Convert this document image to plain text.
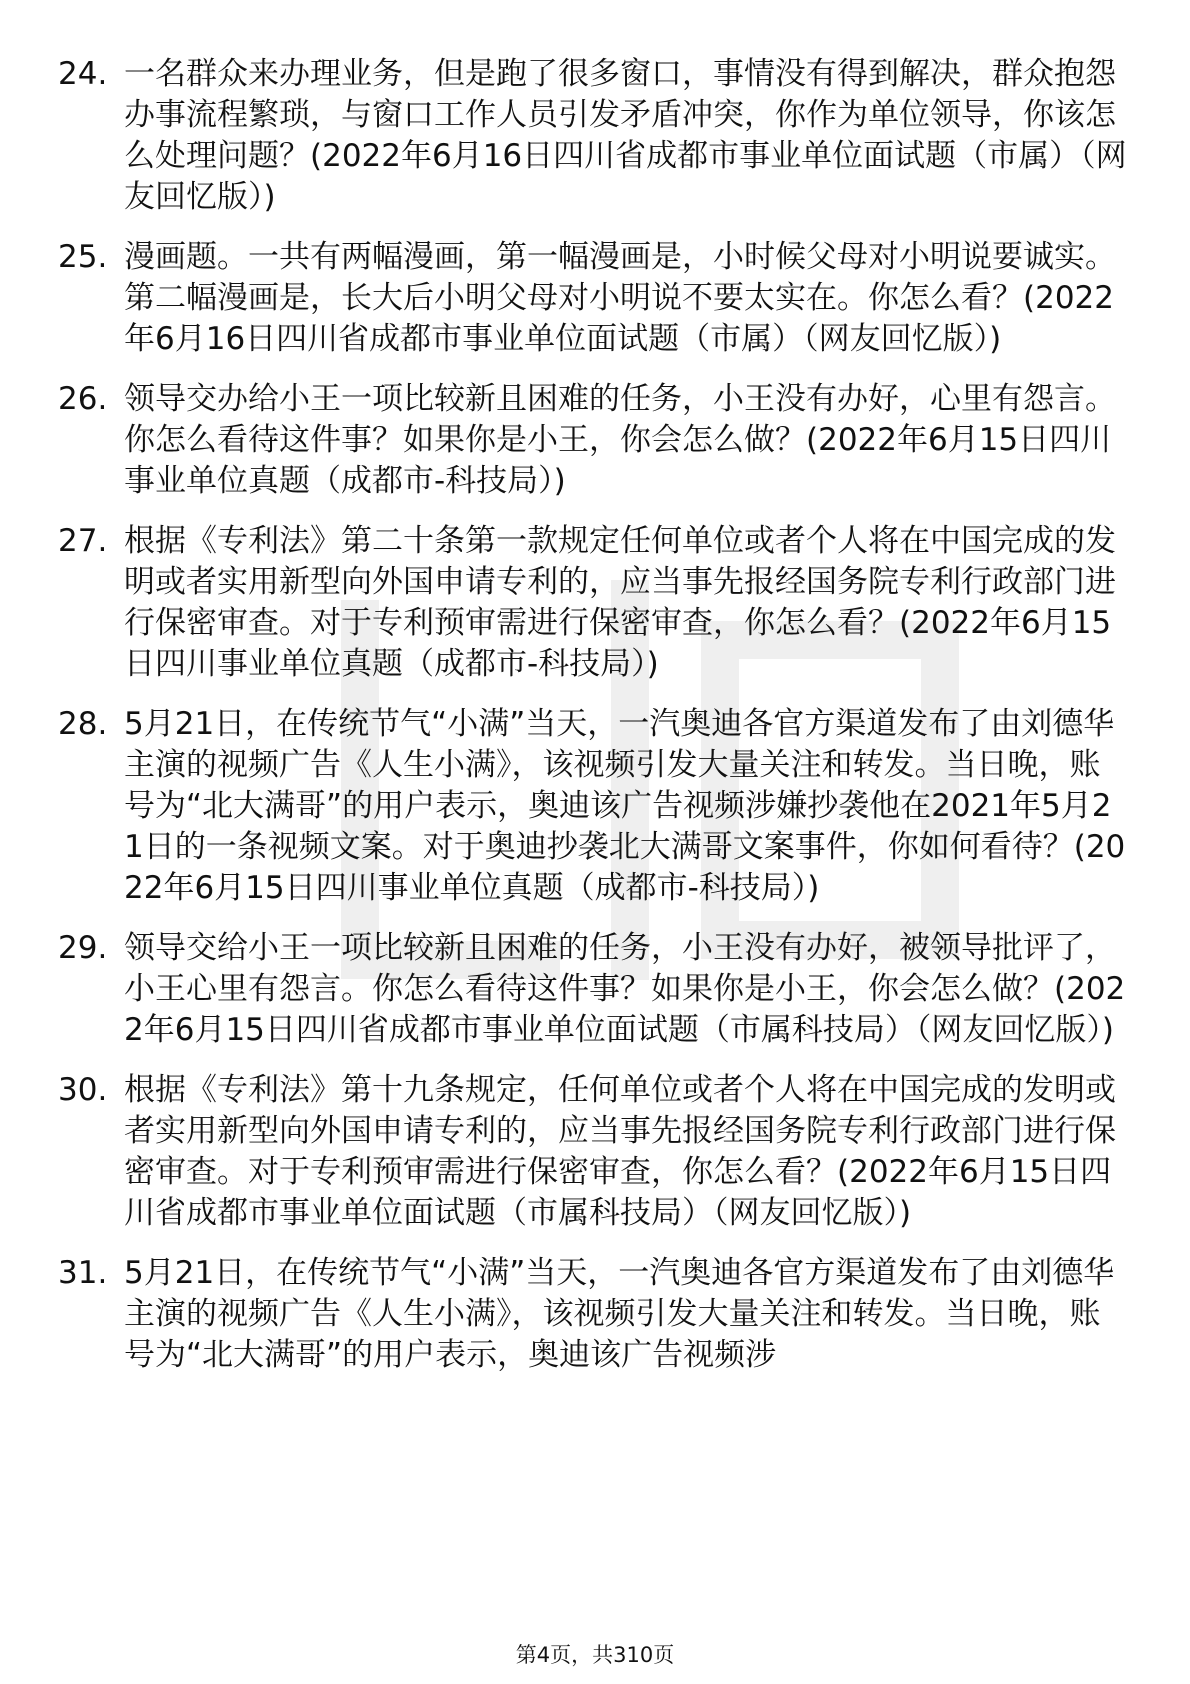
24. 一名群众来办理业务，但是跑了很多窗口，事情没有得到解决，群众抱怨办事流程繁琐，与窗口工作人员引发矛盾冲突，你作为单位领导，你该怎么处理问题？(2022年6月16日四川省成都市事业单位面试题（市属）（网友回忆版）)
25. 漫画题。一共有两幅漫画，第一幅漫画是，小时候父母对小明说要诚实。第二幅漫画是，长大后小明父母对小明说不要太实在。你怎么看？(2022年6月16日四川省成都市事业单位面试题（市属）（网友回忆版）)
26. 领导交办给小王一项比较新且困难的任务，小王没有办好，心里有怨言。你怎么看待这件事？如果你是小王，你会怎么做？(2022年6月15日四川事业单位真题（成都市-科技局）)
27. 根据《专利法》第二十条第一款规定任何单位或者个人将在中国完成的发明或者实用新型向外国申请专利的，应当事先报经国务院专利行政部门进行保密审查。对于专利预审需进行保密审查，你怎么看？(2022年6月15日四川事业单位真题（成都市-科技局）)
28. 5月21日，在传统节气“小满”当天，一汽奥迪各官方渠道发布了由刘德华主演的视频广告《人生小满》，该视频引发大量关注和转发。当日晚，账号为“北大满哥”的用户表示，奥迪该广告视频涉嫌抄袭他在2021年5月21日的一条视频文案。对于奥迪抄袭北大满哥文案事件，你如何看待？(2022年6月15日四川事业单位真题（成都市-科技局）)
29. 领导交给小王一项比较新且困难的任务，小王没有办好，被领导批评了，小王心里有怨言。你怎么看待这件事？如果你是小王，你会怎么做？(2022年6月15日四川省成都市事业单位面试题（市属科技局）（网友回忆版）)
30. 根据《专利法》第十九条规定，任何单位或者个人将在中国完成的发明或者实用新型向外国申请专利的，应当事先报经国务院专利行政部门进行保密审查。对于专利预审需进行保密审查，你怎么看？(2022年6月15日四川省成都市事业单位面试题（市属科技局）（网友回忆版）)
31. 5月21日，在传统节气“小满”当天，一汽奥迪各官方渠道发布了由刘德华主演的视频广告《人生小满》，该视频引发大量关注和转发。当日晚，账号为“北大满哥”的用户表示，奥迪该广告视频涉
第4页，共310页
